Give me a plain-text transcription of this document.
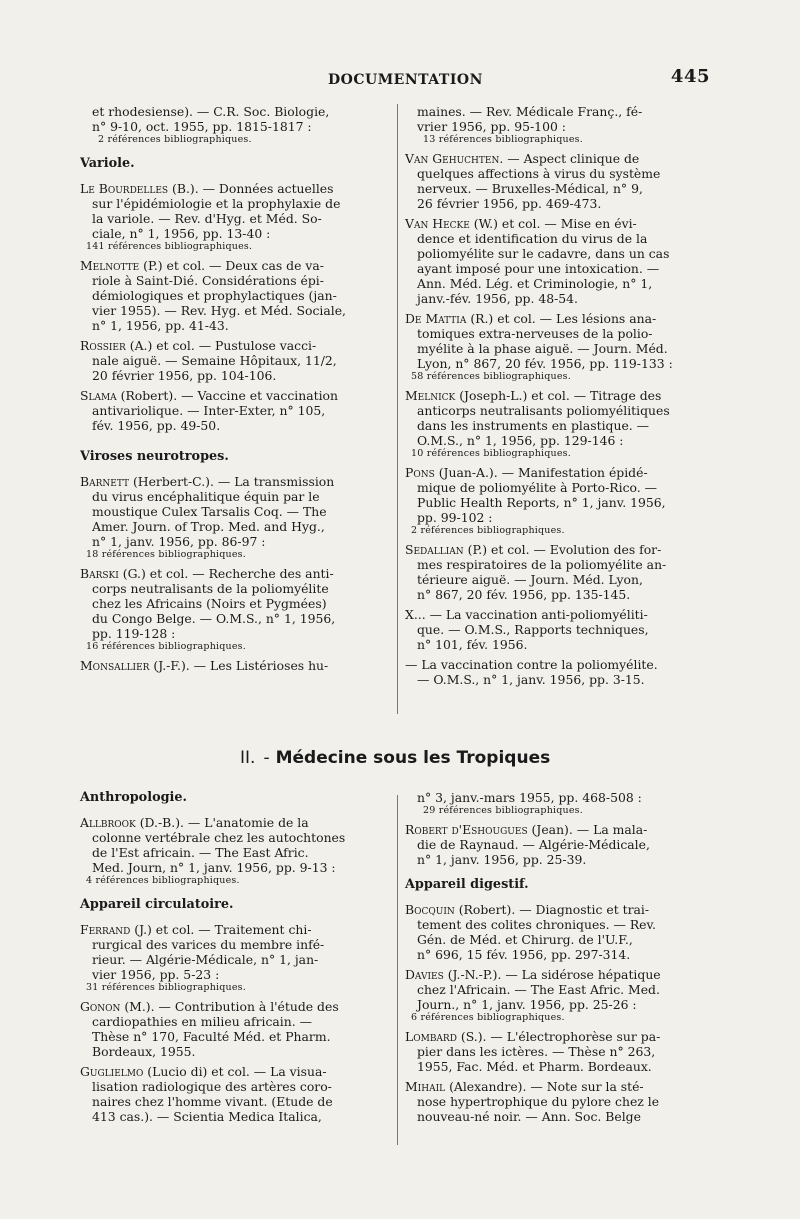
DOCUMENTATION	445

et rhodesiense). — C.R. Soc. Biologie,

n° 9-10, oct. 1955, pp. 1815-1817 :

2 références bibliographiques.
Variole.

Le Bourdelles (B.). — Données actuelles

sur l'épidémiologie et la prophylaxie de

la variole. — Rev. d'Hyg. et Méd. So-

ciale, n° 1, 1956, pp. 13-40 :

141 références bibliographiques.

Melnotte (P.) et col. — Deux cas de va-

riole à Saint-Dié. Considérations épi-

démiologiques et prophylactiques (jan-

vier 1955). — Rev. Hyg. et Méd. Sociale,

n° 1, 1956, pp. 41-43.

Rossier (A.) et col. — Pustulose vacci-

nale aiguë. — Semaine Hôpitaux, 11/2,

20 février 1956, pp. 104-106.

Slama (Robert). — Vaccine et vaccination

antivariolique. — Inter-Exter, n° 105,

fév. 1956, pp. 49-50.

Viroses neurotropes.

Barnett (Herbert-C.). — La transmission

du virus encéphalitique équin par le

moustique Culex Tarsalis Coq. — The

Amer. Journ. of Trop. Med. and Hyg.,

n° 1, janv. 1956, pp. 86-97 :

18 références bibliographiques.

Barski (G.) et col. — Recherche des anti-

corps neutralisants de la poliomyélite

chez les Africains (Noirs et Pygmées)

du Congo Belge. — O.M.S., n° 1, 1956,

pp. 119-128 :

16 références bibliographiques.

Monsallier (J.-F.). — Les Listérioses hu-

maines. — Rev. Médicale Franç., fé-

vrier 1956, pp. 95-100 :

13 références bibliographiques.

Van Gehuchten. — Aspect clinique de

quelques affections à virus du système

nerveux. — Bruxelles-Médical, n° 9,

26 février 1956, pp. 469-473.

Van Hecke (W.) et col. — Mise en évi-

dence et identification du virus de la

poliomyélite sur le cadavre, dans un cas

ayant imposé pour une intoxication. —

Ann. Méd. Lég. et Criminologie, n° 1,

janv.-fév. 1956, pp. 48-54.

De Mattia (R.) et col. — Les lésions ana-

tomiques extra-nerveuses de la polio-

myélite à la phase aiguë. — Journ. Méd.

Lyon, n° 867, 20 fév. 1956, pp. 119-133 :

58 références bibliographiques.

Melnick (Joseph-L.) et col. — Titrage des

anticorps neutralisants poliomyélitiques

dans les instruments en plastique. —

O.M.S., n° 1, 1956, pp. 129-146 :

10 références bibliographiques.

Pons (Juan-A.). — Manifestation épidé-

mique de poliomyélite à Porto-Rico. —

Public Health Reports, n° 1, janv. 1956,

pp. 99-102 :

2 références bibliographiques.

Sedallian (P.) et col. — Evolution des for-

mes respiratoires de la poliomyélite an-

térieure aiguë. — Journ. Méd. Lyon,

n° 867, 20 fév. 1956, pp. 135-145.

X... — La vaccination anti-poliomyéliti-

que. — O.M.S., Rapports techniques,

n° 101, fév. 1956.

— La vaccination contre la poliomyélite.

— O.M.S., n° 1, janv. 1956, pp. 3-15.

II. - Médecine sous les Tropiques
Anthropologie.

Allbrook (D.-B.). — L'anatomie de la

colonne vertébrale chez les autochtones

de l'Est africain. — The East Afric.

Med. Journ, n° 1, janv. 1956, pp. 9-13 :

4 références bibliographiques.
Appareil circulatoire.

Ferrand (J.) et col. — Traitement chi-

rurgical des varices du membre infé-

rieur. — Algérie-Médicale, n° 1, jan-

vier 1956, pp. 5-23 :

31 références bibliographiques.

Gonon (M.). — Contribution à l'étude des

cardiopathies en milieu africain. —

Thèse n° 170, Faculté Méd. et Pharm.

Bordeaux, 1955.

Guglielmo (Lucio di) et col. — La visua-

lisation radiologique des artères coro-

naires chez l'homme vivant. (Etude de

413 cas.). — Scientia Medica Italica,

n° 3, janv.-mars 1955, pp. 468-508 :

29 références bibliographiques.

Robert d'Eshougues (Jean). — La mala-

die de Raynaud. — Algérie-Médicale,

n° 1, janv. 1956, pp. 25-39.

Appareil digestif.

Bocquin (Robert). — Diagnostic et trai-

tement des colites chroniques. — Rev.

Gén. de Méd. et Chirurg. de l'U.F.,

n° 696, 15 fév. 1956, pp. 297-314.

Davies (J.-N.-P.). — La sidérose hépatique

chez l'Africain. — The East Afric. Med.

Journ., n° 1, janv. 1956, pp. 25-26 :

6 références bibliographiques.

Lombard (S.). — L'électrophorèse sur pa-

pier dans les ictères. — Thèse n° 263,

1955, Fac. Méd. et Pharm. Bordeaux.

Mihail (Alexandre). — Note sur la sté-

nose hypertrophique du pylore chez le

nouveau-né noir. — Ann. Soc. Belge
